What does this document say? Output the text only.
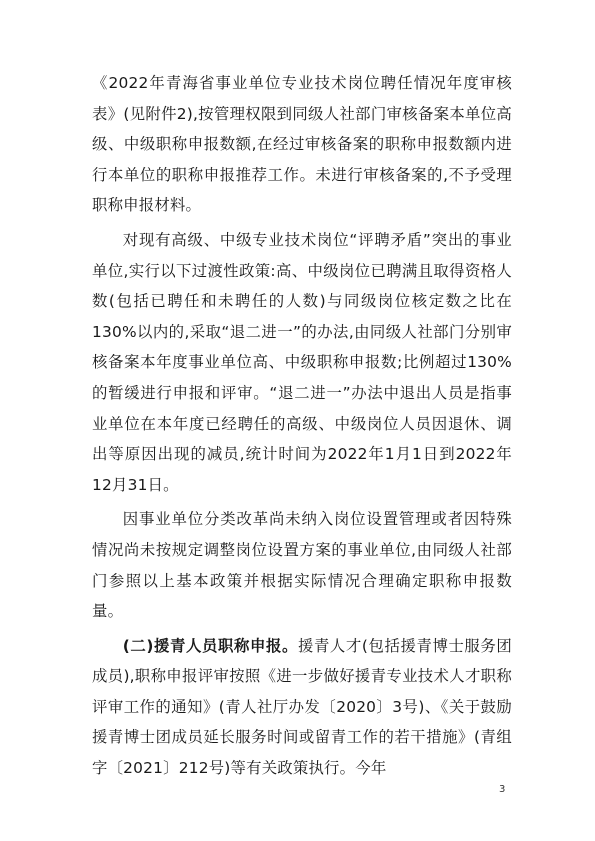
《2022年青海省事业单位专业技术岗位聘任情况年度审核表》(见附件2),按管理权限到同级人社部门审核备案本单位高级、中级职称申报数额,在经过审核备案的职称申报数额内进行本单位的职称申报推荐工作。未进行审核备案的,不予受理职称申报材料。

对现有高级、中级专业技术岗位“评聘矛盾”突出的事业单位,实行以下过渡性政策:高、中级岗位已聘满且取得资格人数(包括已聘任和未聘任的人数)与同级岗位核定数之比在130%以内的,采取“退二进一”的办法,由同级人社部门分别审核备案本年度事业单位高、中级职称申报数;比例超过130%的暂缓进行申报和评审。“退二进一”办法中退出人员是指事业单位在本年度已经聘任的高级、中级岗位人员因退休、调出等原因出现的减员,统计时间为2022年1月1日到2022年12月31日。

因事业单位分类改革尚未纳入岗位设置管理或者因特殊情况尚未按规定调整岗位设置方案的事业单位,由同级人社部门参照以上基本政策并根据实际情况合理确定职称申报数量。

(二)援青人员职称申报。援青人才(包括援青博士服务团成员),职称申报评审按照《进一步做好援青专业技术人才职称评审工作的通知》(青人社厅办发〔2020〕3号)、《关于鼓励援青博士团成员延长服务时间或留青工作的若干措施》(青组字〔2021〕212号)等有关政策执行。今年

3
